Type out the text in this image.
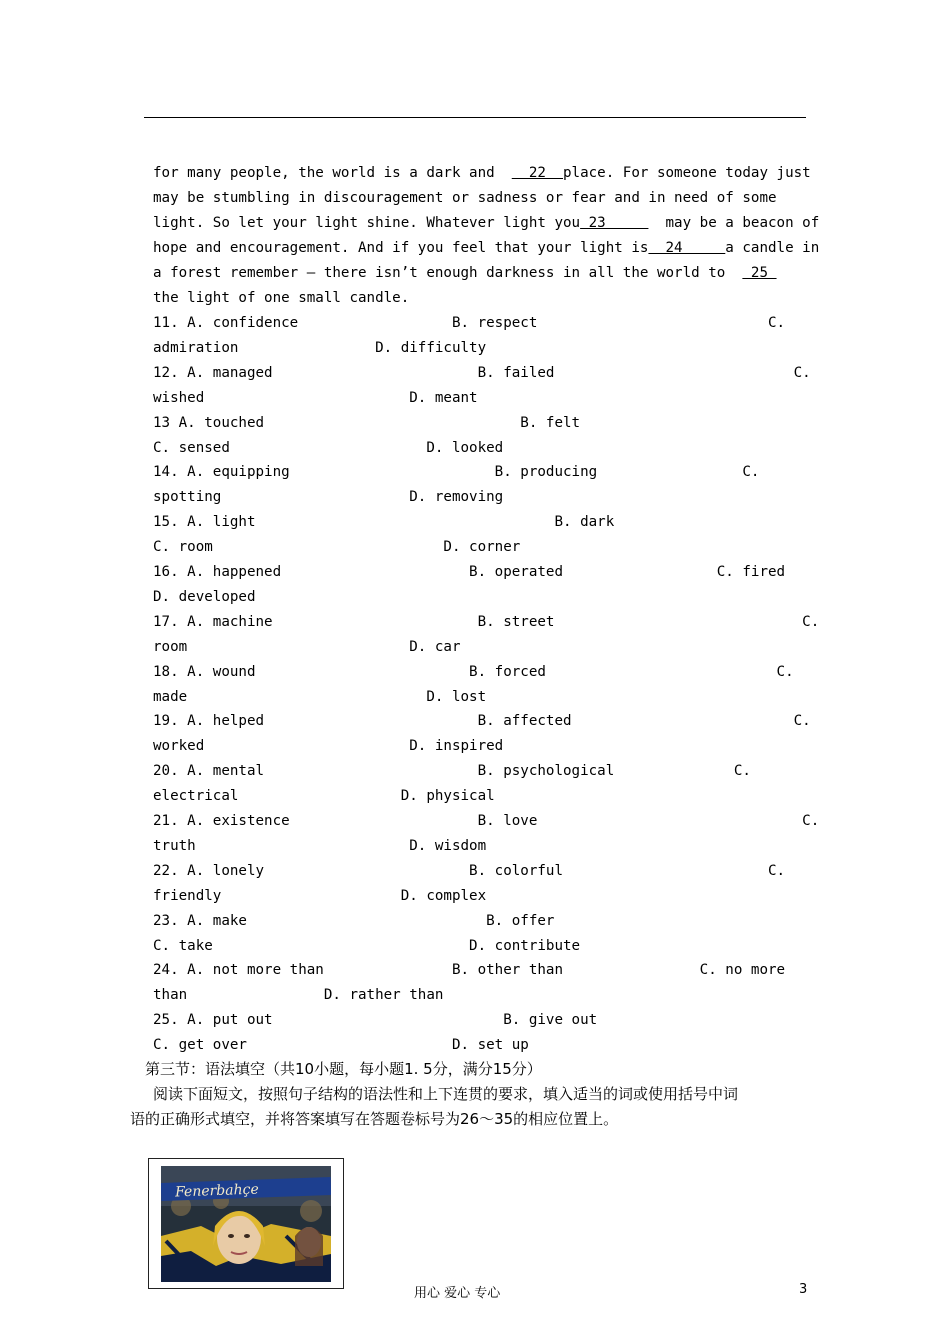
for many people, the world is a dark and    22  place. For someone today just
may be stumbling in discouragement or sadness or fear and in need of some
light. So let your light shine. Whatever light you 23       may be a beacon of
hope and encouragement. And if you feel that your light is  24     a candle in
a forest remember — there isn’t enough darkness in all the world to   25
the light of one small candle.
11. A. confidence                  B. respect                           C.
admiration                D. difficulty
12. A. managed                        B. failed                            C.
wished                        D. meant
13 A. touched                              B. felt
C. sensed                       D. looked
14. A. equipping                        B. producing                 C.
spotting                      D. removing
15. A. light                                   B. dark
C. room                           D. corner
16. A. happened                      B. operated                  C. fired
D. developed
17. A. machine                        B. street                             C.
room                          D. car
18. A. wound                         B. forced                           C.
made                            D. lost
19. A. helped                         B. affected                          C.
worked                        D. inspired
20. A. mental                         B. psychological              C.
electrical                   D. physical
21. A. existence                      B. love                               C.
truth                         D. wisdom
22. A. lonely                        B. colorful                        C.
friendly                     D. complex
23. A. make                            B. offer
C. take                              D. contribute
24. A. not more than               B. other than                C. no more
than                D. rather than
25. A. put out                           B. give out
C. get over                        D. set up
第三节：语法填空（共10小题，每小题1. 5分，满分15分）
阅读下面短文，按照句子结构的语法性和上下连贯的要求，填入适当的词或使用括号中词
语的正确形式填空，并将答案填写在答题卷标号为26～35的相应位置上。
Fenerbahçe
用心 爱心 专心	3
